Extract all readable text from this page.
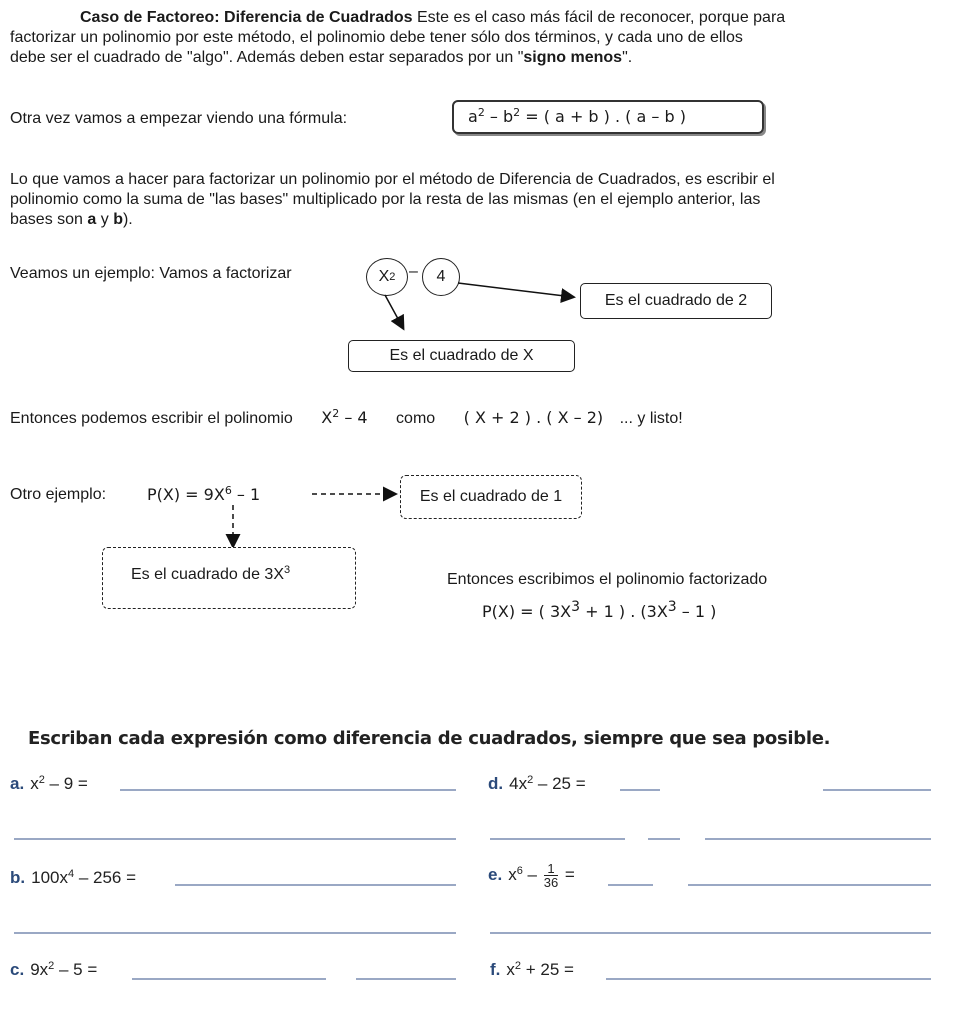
Caso de Factoreo: Diferencia de Cuadrados Este es el caso más fácil de reconocer, porque para
factorizar un polinomio por este método, el polinomio debe tener sólo dos términos, y cada uno de ellos
debe ser el cuadrado de "algo". Además deben estar separados por un "signo menos".
Otra vez vamos a empezar viendo una fórmula:	$a^2 - b^2$ = ( a + b ) . ( a – b )
Lo que vamos a hacer para factorizar un polinomio por el método de Diferencia de Cuadrados, es escribir el
polinomio como la suma de "las bases" multiplicado por la resta de las mismas (en el ejemplo anterior, las
bases son a y b).
Veamos un ejemplo: Vamos a factorizar	X 2 – 4
Es el cuadrado de 2
Es el cuadrado de X
Entonces podemos escribir el polinomio $X^2 - 4$ como ( X + 2 ) . ( X – 2) ... y listo!
Otro ejemplo:	$P(X) = 9X^6 - 1$	Es el cuadrado de 1
Es el cuadrado de $3X^3$
Entonces escribimos el polinomio factorizado
P(X) = ( $3X^3 + 1$ ) . ($3X^3 - 1$ )
Escriban cada expresión como diferencia de cuadrados, siempre que sea posible.
a. $x^2 - 9$ =	d. $4x^2 - 25$ =
b. $100x^4 - 256$ =	e. $x^6 - \frac{1}{36}$ =
c. $9x^2 - 5$ =	f. $x^2 + 25$ =
